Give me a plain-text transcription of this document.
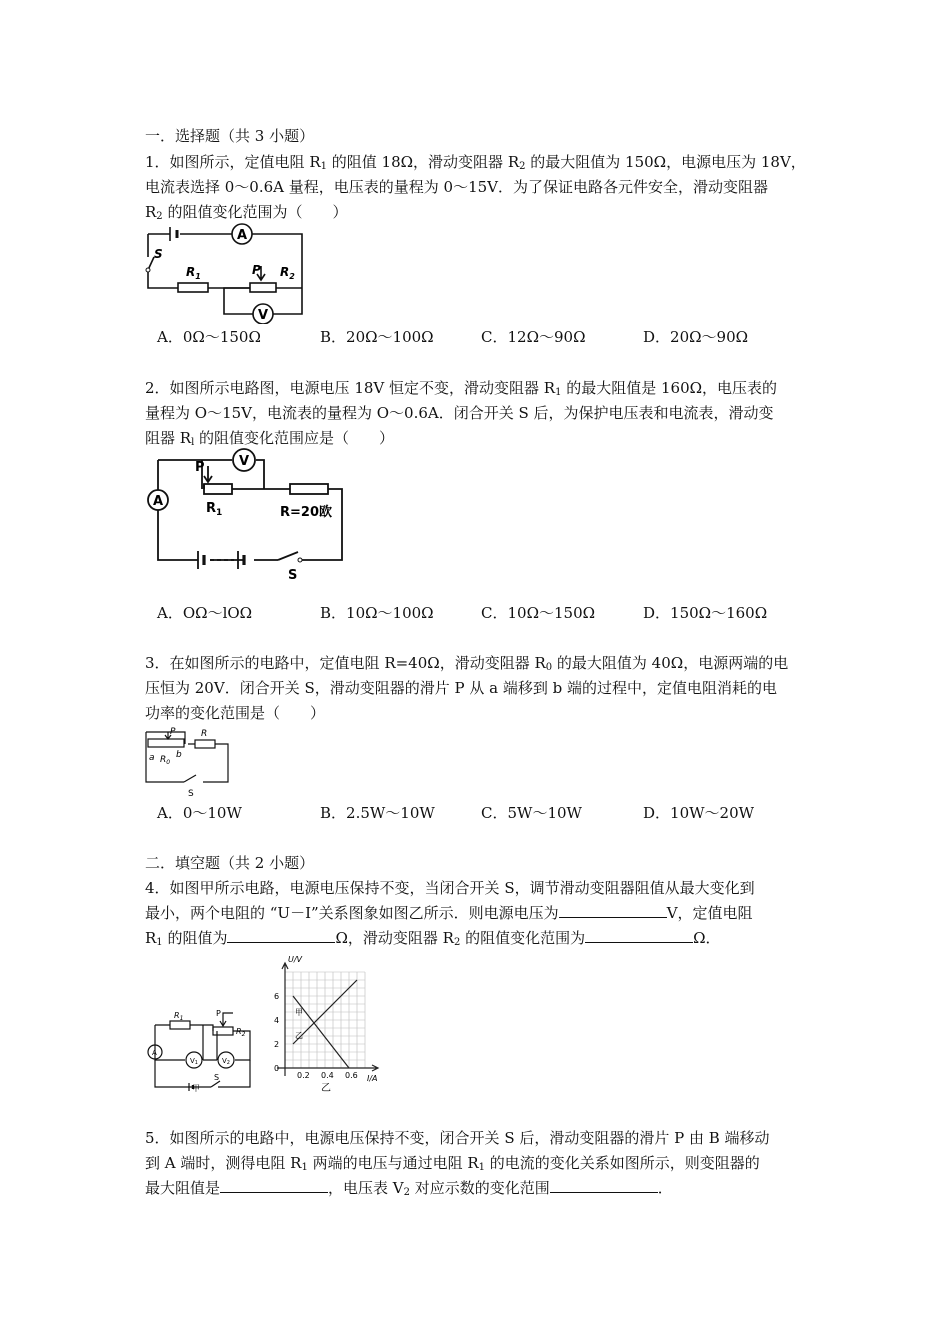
一．选择题（共 3 小题）
1．如图所示，定值电阻 $R_1$ 的阻值 18Ω，滑动变阻器 $R_2$ 的最大阻值为 150Ω，电源电压为 18V，
电流表选择 0～0.6A 量程，电压表的量程为 0～15V．为了保证电路各元件安全，滑动变阻器
$R_2$ 的阻值变化范围为（　　）
A
V
S
$R_1$	P $R_2$
A．0Ω～150Ω	B．20Ω～100Ω	C．12Ω～90Ω	D．20Ω～90Ω
2．如图所示电路图，电源电压 18V 恒定不变，滑动变阻器 $R_1$ 的最大阻值是 160Ω，电压表的
量程为 O～15V，电流表的量程为 O～0.6A．闭合开关 S 后，为保护电压表和电流表，滑动变
阻器 $R_l$ 的阻值变化范围应是（　　）
A
V
P
$R_1$	R=20欧
S
A．OΩ～lOΩ	B．10Ω～100Ω	C．10Ω～150Ω	D．150Ω～160Ω
3．在如图所示的电路中，定值电阻 R=40Ω，滑动变阻器 $R_0$ 的最大阻值为 40Ω，电源两端的电
压恒为 20V．闭合开关 S，滑动变阻器的滑片 P 从 a 端移到 b 端的过程中，定值电阻消耗的电
功率的变化范围是（　　）
P	R
a b
$R_0$
S
A．0～10W	B．2.5W～10W	C．5W～10W	D．10W～20W
二．填空题（共 2 小题）
4．如图甲所示电路，电源电压保持不变，当闭合开关 S，调节滑动变阻器阻值从最大变化到
最小，两个电阻的 “U－I”关系图象如图乙所示．则电源电压为	V，定值电阻
$R_1$ 的阻值为	Ω，滑动变阻器 $R_2$ 的阻值变化范围为	Ω．
$R_1$
P
$R_2$
V1	V2
A
S
甲
U/V
I/A
6
4
2
0
0.2 0.4 0.6
甲
乙
乙
5．如图所示的电路中，电源电压保持不变，闭合开关 S 后，滑动变阻器的滑片 P 由 B 端移动
到 A 端时，测得电阻 $R_1$ 两端的电压与通过电阻 $R_1$ 的电流的变化关系如图所示，则变阻器的
最大阻值是	，电压表 $V_2$ 对应示数的变化范围	．
